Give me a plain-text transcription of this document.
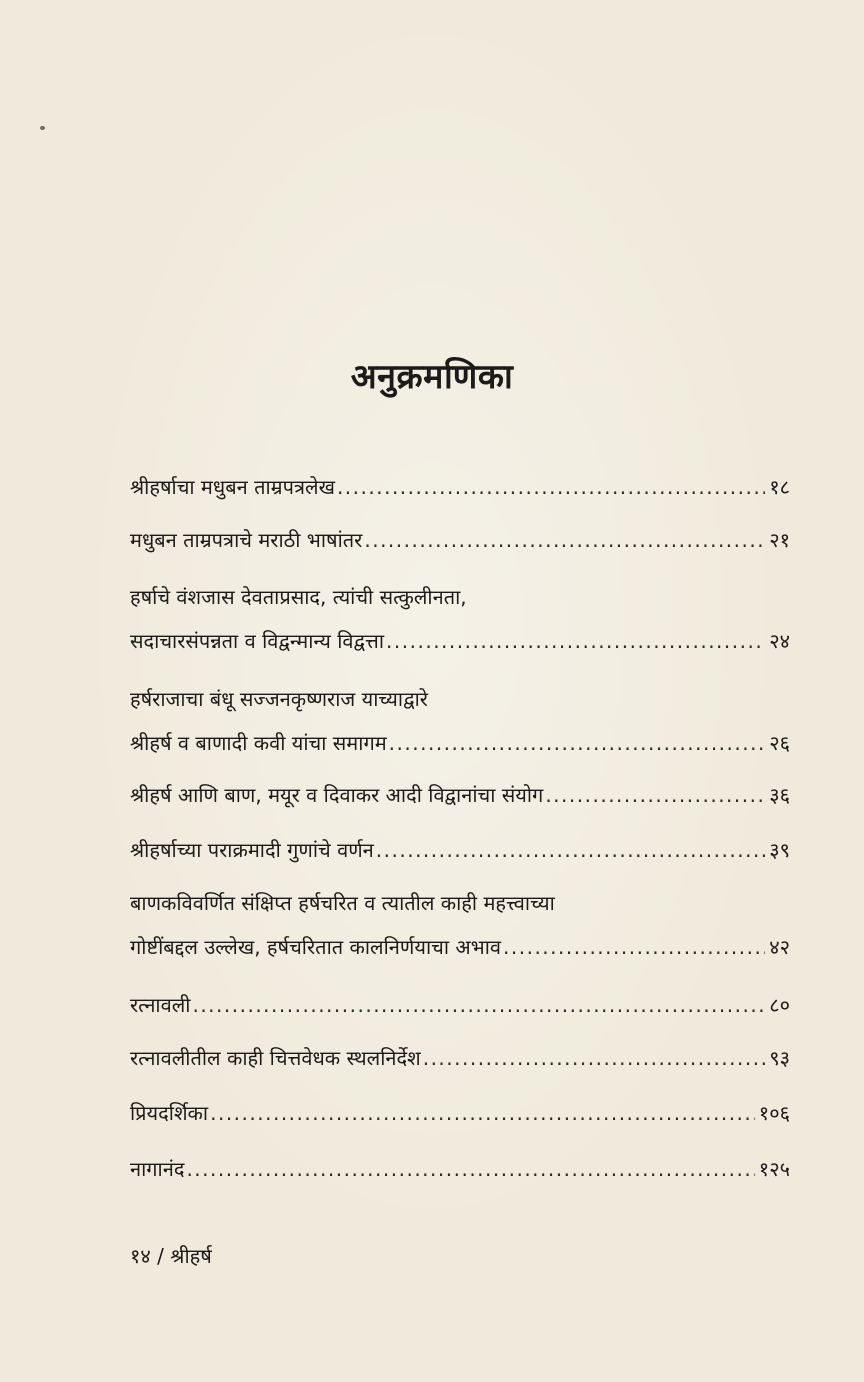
अनुक्रमणिका
श्रीहर्षाचा मधुबन ताम्रपत्रलेख .....	१८
मधुबन ताम्रपत्राचे मराठी भाषांतर .....	२१
हर्षाचे वंशजास देवताप्रसाद, त्यांची सत्कुलीनता,
सदाचारसंपन्नता व विद्वन्मान्य विद्वत्ता .....	२४
हर्षराजाचा बंधू सज्जनकृष्णराज याच्याद्वारे
श्रीहर्ष व बाणादी कवी यांचा समागम .....	२६
श्रीहर्ष आणि बाण, मयूर व दिवाकर आदी विद्वानांचा संयोग .....	३६
श्रीहर्षाच्या पराक्रमादी गुणांचे वर्णन .....	३९
बाणकविवर्णित संक्षिप्त हर्षचरित व त्यातील काही महत्त्वाच्या
गोष्टींबद्दल उल्लेख, हर्षचरितात कालनिर्णयाचा अभाव .....	४२
रत्नावली .....	८०
रत्नावलीतील काही चित्तवेधक स्थलनिर्देश .....	९३
प्रियदर्शिका .....	१०६
नागानंद .....	१२५

१४ / श्रीहर्ष
